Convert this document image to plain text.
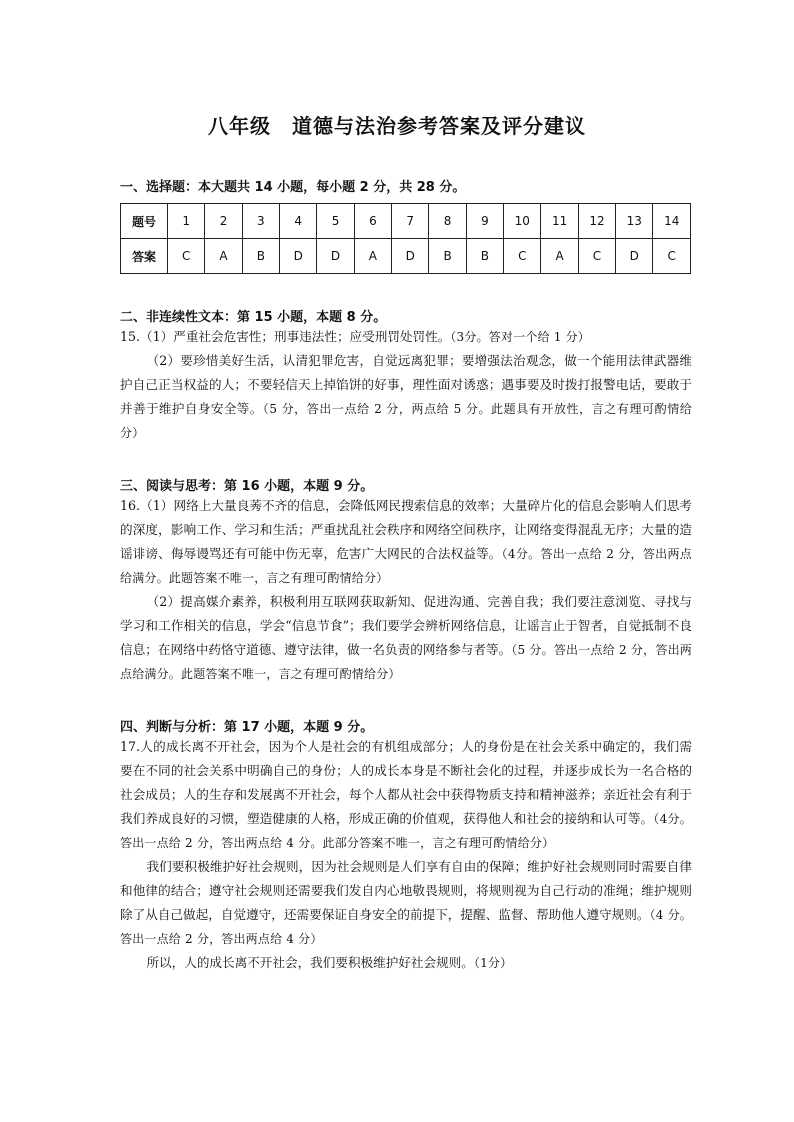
八年级　道德与法治参考答案及评分建议
一、选择题：本大题共 14 小题，每小题 2 分，共 28 分。
题号	1	2	3	4	5	6	7	8	9	10	11	12	13	14
答案	C	A	B	D	D	A	D	B	B	C	A	C	D	C
二、非连续性文本：第 15 小题，本题 8 分。

15.（1）严重社会危害性；刑事违法性；应受刑罚处罚性。（3分。答对一个给 1 分）

（2）要珍惜美好生活，认清犯罪危害，自觉远离犯罪；要增强法治观念，做一个能用法律武器维护自己正当权益的人；不要轻信天上掉馅饼的好事，理性面对诱惑；遇事要及时拨打报警电话，要敢于并善于维护自身安全等。（5 分，答出一点给 2 分，两点给 5 分。此题具有开放性，言之有理可酌情给分）

三、阅读与思考：第 16 小题，本题 9 分。

16.（1）网络上大量良莠不齐的信息，会降低网民搜索信息的效率；大量碎片化的信息会影响人们思考的深度，影响工作、学习和生活；严重扰乱社会秩序和网络空间秩序，让网络变得混乱无序；大量的造谣诽谤、侮辱谩骂还有可能中伤无辜，危害广大网民的合法权益等。（4分。答出一点给 2 分，答出两点给满分。此题答案不唯一，言之有理可酌情给分）

（2）提高媒介素养，积极利用互联网获取新知、促进沟通、完善自我；我们要注意浏览、寻找与学习和工作相关的信息，学会“信息节食”；我们要学会辨析网络信息，让谣言止于智者，自觉抵制不良信息；在网络中药恪守道德、遵守法律，做一名负责的网络参与者等。（5 分。答出一点给 2 分，答出两点给满分。此题答案不唯一，言之有理可酌情给分）

四、判断与分析：第 17 小题，本题 9 分。

17.人的成长离不开社会，因为个人是社会的有机组成部分；人的身份是在社会关系中确定的，我们需要在不同的社会关系中明确自己的身份；人的成长本身是不断社会化的过程，并逐步成长为一名合格的社会成员；人的生存和发展离不开社会，每个人都从社会中获得物质支持和精神滋养；亲近社会有利于我们养成良好的习惯，塑造健康的人格，形成正确的价值观，获得他人和社会的接纳和认可等。（4分。答出一点给 2 分，答出两点给 4 分。此部分答案不唯一，言之有理可酌情给分）

我们要积极维护好社会规则，因为社会规则是人们享有自由的保障；维护好社会规则同时需要自律和他律的结合；遵守社会规则还需要我们发自内心地敬畏规则，将规则视为自己行动的准绳；维护规则除了从自己做起，自觉遵守，还需要保证自身安全的前提下，提醒、监督、帮助他人遵守规则。（4 分。答出一点给 2 分，答出两点给 4 分）

所以，人的成长离不开社会，我们要积极维护好社会规则。（1分）
